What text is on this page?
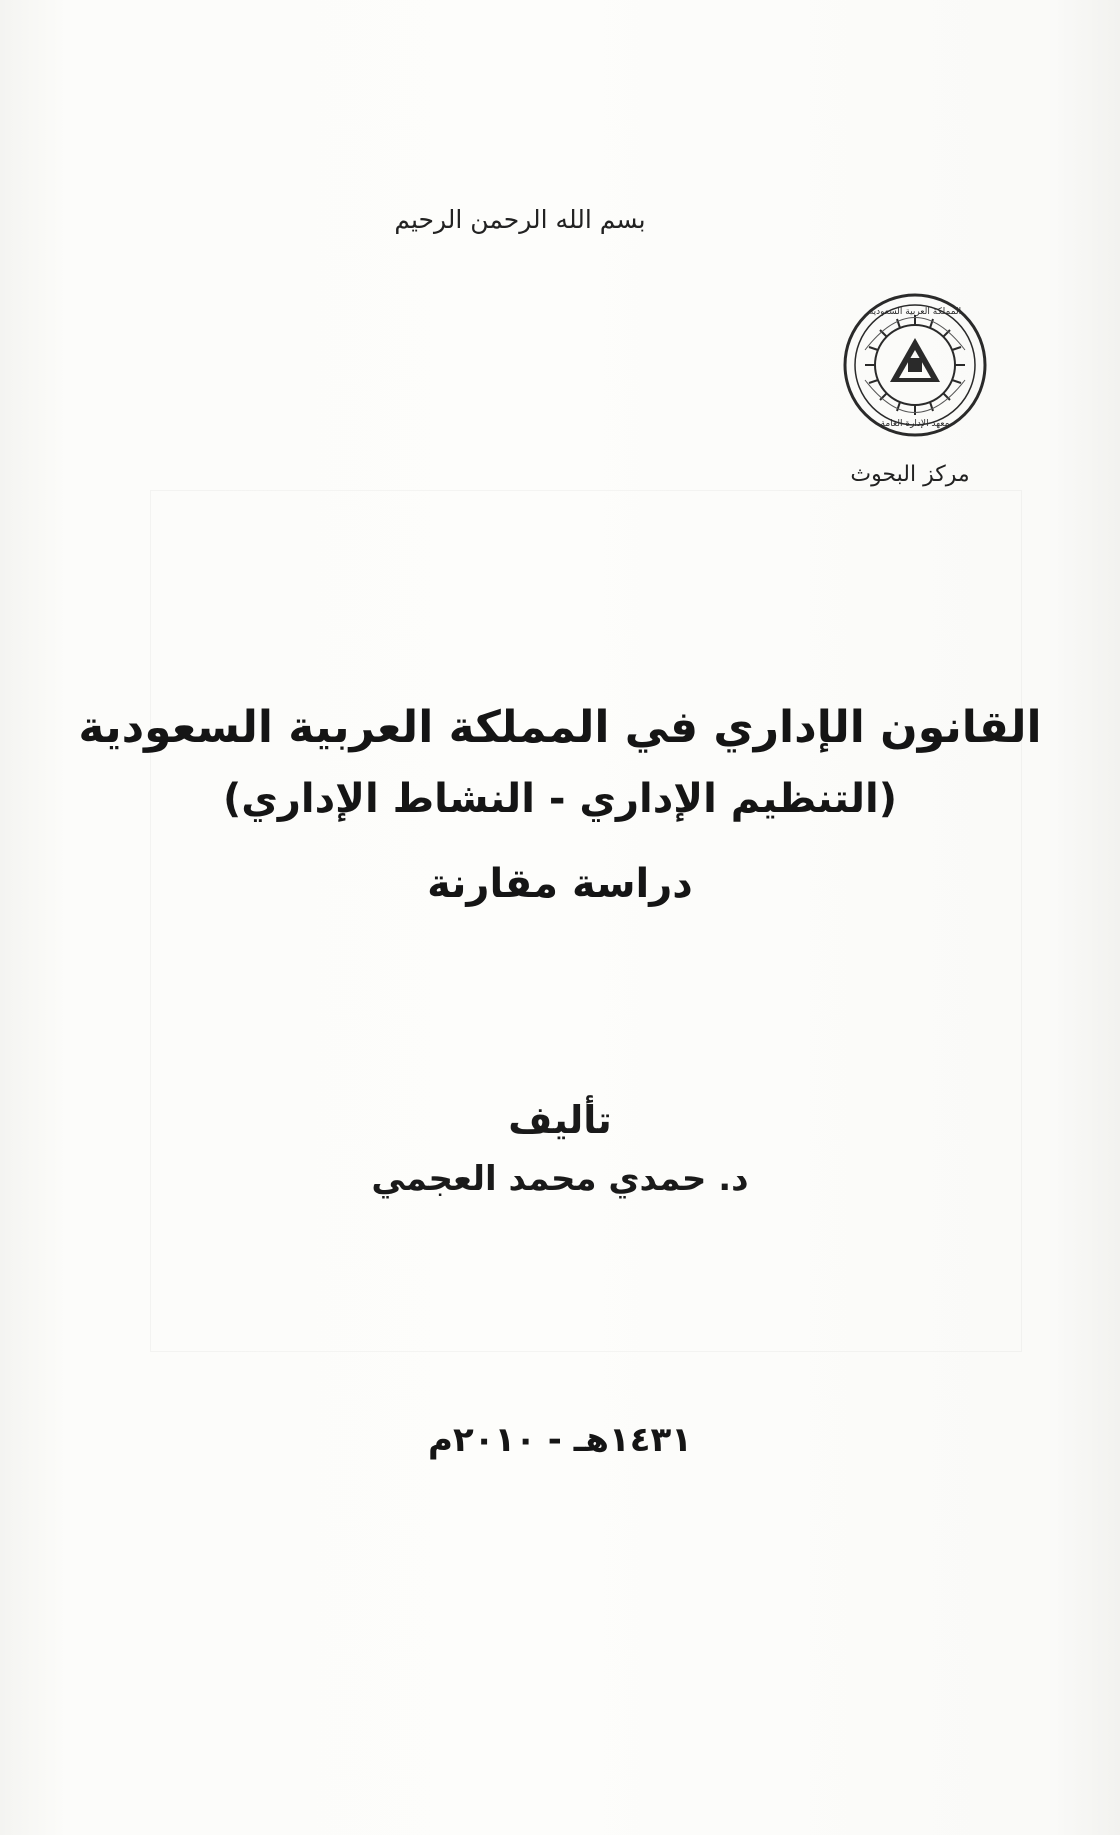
بسم الله الرحمن الرحيم
المملكة العربية السعودية
معهد الإدارة العامة
مركز البحوث
القانون الإداري في المملكة العربية السعودية
(التنظيم الإداري - النشاط الإداري)
دراسة مقارنة
تأليف
د. حمدي محمد العجمي
١٤٣١هـ - ٢٠١٠م
